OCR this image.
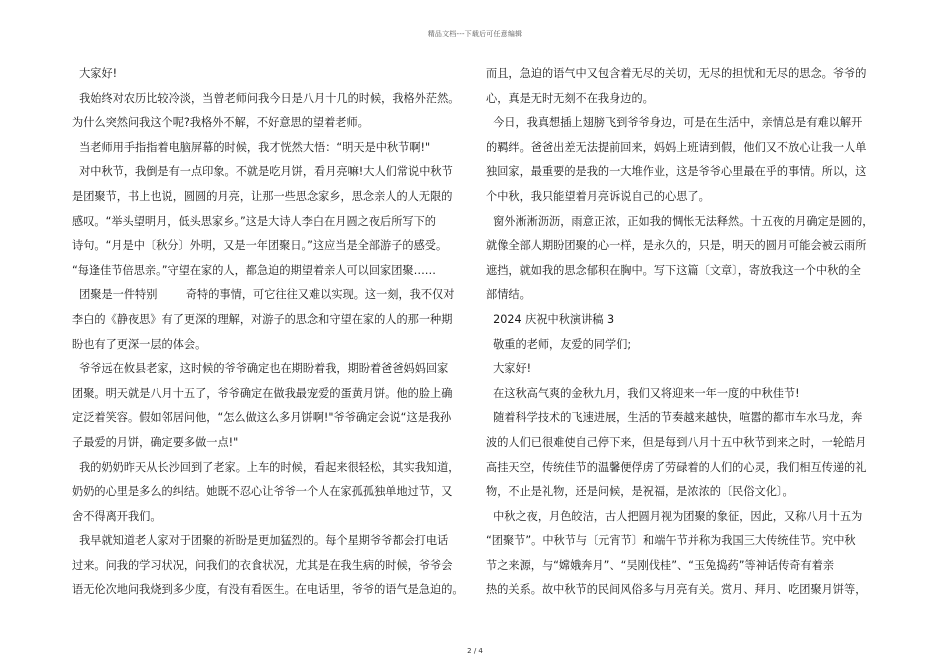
精品文档---下载后可任意编辑

大家好!

我始终对农历比较冷淡，当曾老师问我今日是八月十几的时候，我格外茫然。

为什么突然问我这个呢?我格外不解，不好意思的望着老师。

当老师用手指指着电脑屏幕的时候，我才恍然大悟：“明天是中秋节啊!"

对中秋节，我倒是有一点印象。不就是吃月饼，看月亮嘛!大人们常说中秋节

是团聚节，书上也说，圆圆的月亮，让那一些思念家乡，思念亲人的人无限的

感叹。“举头望明月，低头思家乡。”这是大诗人李白在月圆之夜后所写下的

诗句。“月是中〔秋分〕外明，又是一年团聚日。”这应当是全部游子的感受。

“每逢佳节倍思亲。”守望在家的人，都急迫的期望着亲人可以回家团聚……

团聚是一件特别        奇特的事情，可它往往又难以实现。这一刻，我不仅对

李白的《静夜思》有了更深的理解，对游子的思念和守望在家的人的那一种期

盼也有了更深一层的体会。

爷爷远在攸县老家，这时候的爷爷确定也在期盼着我，期盼着爸爸妈妈回家

团聚。明天就是八月十五了，爷爷确定在做我最宠爱的蛋黄月饼。他的脸上确

定泛着笑容。假如邻居问他，“怎么做这么多月饼啊!"爷爷确定会说“这是我孙

子最爱的月饼，确定要多做一点!"

我的奶奶昨天从长沙回到了老家。上车的时候，看起来很轻松，其实我知道，

奶奶的心里是多么的纠结。她既不忍心让爷爷一个人在家孤孤独单地过节，又

舍不得离开我们。

我早就知道老人家对于团聚的祈盼是更加猛烈的。每个星期爷爷都会打电话

过来。问我的学习状况，问我们的衣食状况，尤其是在我生病的时候，爷爷会

语无伦次地问我烧到多少度，有没有看医生。在电话里，爷爷的语气是急迫的。

而且，急迫的语气中又包含着无尽的关切，无尽的担忧和无尽的思念。爷爷的

心，真是无时无刻不在我身边的。

今日，我真想插上翅膀飞到爷爷身边，可是在生活中，亲情总是有难以解开

的羁绊。爸爸出差无法提前回来，妈妈上班请到假，他们又不放心让我一人单

独回家，最重要的是我的一大堆作业，这是爷爷心里最在乎的事情。所以，这

个中秋，我只能望着月亮诉说自己的心思了。

窗外淅淅沥沥，雨意正浓，正如我的惆怅无法释然。十五夜的月确定是圆的，

就像全部人期盼团聚的心一样，是永久的，只是，明天的圆月可能会被云雨所

遮挡，就如我的思念郁积在胸中。写下这篇〔文章〕，寄放我这一个中秋的全

部情结。

2024 庆祝中秋演讲稿 3

敬重的老师，友爱的同学们;

大家好!

在这秋高气爽的金秋九月，我们又将迎来一年一度的中秋佳节!

随着科学技术的飞速进展，生活的节奏越来越快，喧嚣的都市车水马龙，奔

波的人们已很难使自己停下来，但是每到八月十五中秋节到来之时，一轮皓月

高挂天空，传统佳节的温馨便俘虏了劳碌着的人们的心灵，我们相互传递的礼

物，不止是礼物，还是问候，是祝福，是浓浓的〔民俗文化〕。

中秋之夜，月色皎洁，古人把圆月视为团聚的象征，因此，又称八月十五为

“团聚节”。中秋节与〔元宵节〕和端午节并称为我国三大传统佳节。究中秋

节之来源，与“嫦娥奔月”、“吴刚伐桂”、“玉兔捣药”等神话传奇有着亲

热的关系。故中秋节的民间风俗多与月亮有关。赏月、拜月、吃团聚月饼等，

2 / 4
